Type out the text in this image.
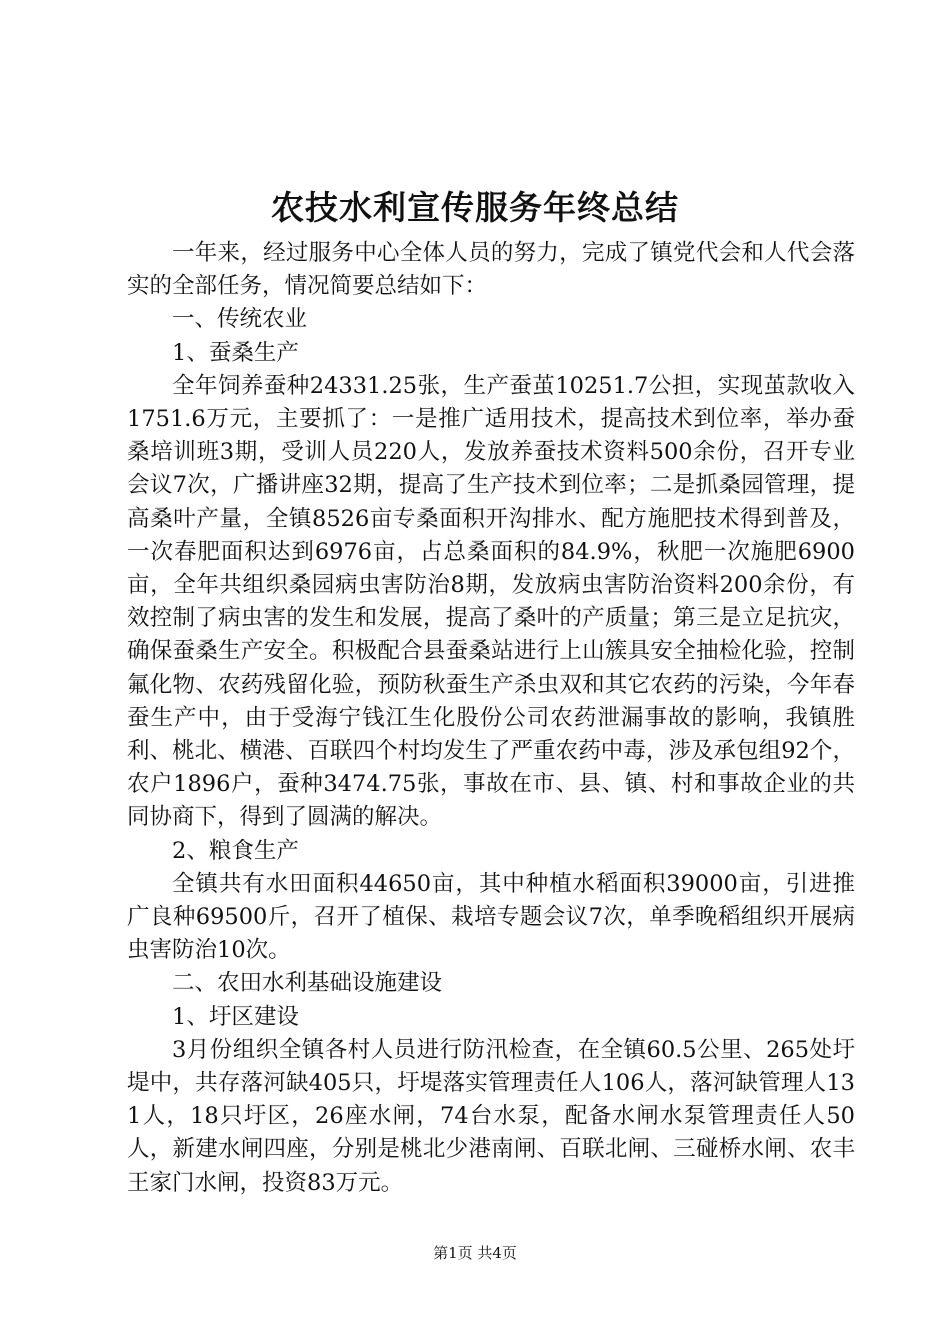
农技水利宣传服务年终总结

一年来，经过服务中心全体人员的努力，完成了镇党代会和人代会落实的全部任务，情况简要总结如下：

一、传统农业

1、蚕桑生产

全年饲养蚕种24331.25张，生产蚕茧10251.7公担，实现茧款收入1751.6万元，主要抓了：一是推广适用技术，提高技术到位率，举办蚕桑培训班3期，受训人员220人，发放养蚕技术资料500余份，召开专业会议7次，广播讲座32期，提高了生产技术到位率；二是抓桑园管理，提高桑叶产量，全镇8526亩专桑面积开沟排水、配方施肥技术得到普及，一次春肥面积达到6976亩，占总桑面积的84.9%，秋肥一次施肥6900亩，全年共组织桑园病虫害防治8期，发放病虫害防治资料200余份，有效控制了病虫害的发生和发展，提高了桑叶的产质量；第三是立足抗灾，确保蚕桑生产安全。积极配合县蚕桑站进行上山簇具安全抽检化验，控制氟化物、农药残留化验，预防秋蚕生产杀虫双和其它农药的污染，今年春蚕生产中，由于受海宁钱江生化股份公司农药泄漏事故的影响，我镇胜利、桃北、横港、百联四个村均发生了严重农药中毒，涉及承包组92个，农户1896户，蚕种3474.75张，事故在市、县、镇、村和事故企业的共同协商下，得到了圆满的解决。

2、粮食生产

全镇共有水田面积44650亩，其中种植水稻面积39000亩，引进推广良种69500斤，召开了植保、栽培专题会议7次，单季晚稻组织开展病虫害防治10次。

二、农田水利基础设施建设

1、圩区建设

3月份组织全镇各村人员进行防汛检查，在全镇60.5公里、265处圩堤中，共存落河缺405只，圩堤落实管理责任人106人，落河缺管理人131人，18只圩区，26座水闸，74台水泵，配备水闸水泵管理责任人50人，新建水闸四座，分别是桃北少港南闸、百联北闸、三碰桥水闸、农丰王家门水闸，投资83万元。

第1页 共4页
